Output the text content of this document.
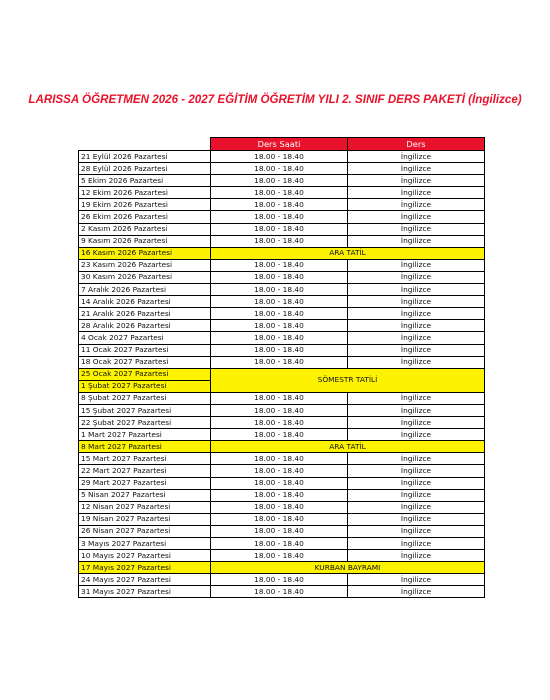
LARISSA ÖĞRETMEN 2026 - 2027 EĞİTİM ÖĞRETİM YILI 2. SINIF DERS PAKETİ (İngilizce)
	Ders Saati	Ders
21 Eylül 2026 Pazartesi	18.00 - 18.40	İngilizce
28 Eylül 2026 Pazartesi	18.00 - 18.40	İngilizce
5 Ekim 2026 Pazartesi	18.00 - 18.40	İngilizce
12 Ekim 2026 Pazartesi	18.00 - 18.40	İngilizce
19 Ekim 2026 Pazartesi	18.00 - 18.40	İngilizce
26 Ekim 2026 Pazartesi	18.00 - 18.40	İngilizce
2 Kasım 2026 Pazartesi	18.00 - 18.40	İngilizce
9 Kasım 2026 Pazartesi	18.00 - 18.40	İngilizce
16 Kasım 2026 Pazartesi	ARA TATİL	
23 Kasım 2026 Pazartesi	18.00 - 18.40	İngilizce
30 Kasım 2026 Pazartesi	18.00 - 18.40	İngilizce
7 Aralık 2026 Pazartesi	18.00 - 18.40	İngilizce
14 Aralık 2026 Pazartesi	18.00 - 18.40	İngilizce
21 Aralık 2026 Pazartesi	18.00 - 18.40	İngilizce
28 Aralık 2026 Pazartesi	18.00 - 18.40	İngilizce
4 Ocak 2027 Pazartesi	18.00 - 18.40	İngilizce
11 Ocak 2027 Pazartesi	18.00 - 18.40	İngilizce
18 Ocak 2027 Pazartesi	18.00 - 18.40	İngilizce
25 Ocak 2027 Pazartesi	SÖMESTR TATİLİ	
1 Şubat 2027 Pazartesi		
8 Şubat 2027 Pazartesi	18.00 - 18.40	İngilizce
15 Şubat 2027 Pazartesi	18.00 - 18.40	İngilizce
22 Şubat 2027 Pazartesi	18.00 - 18.40	İngilizce
1 Mart 2027 Pazartesi	18.00 - 18.40	İngilizce
8 Mart 2027 Pazartesi	ARA TATİL	
15 Mart 2027 Pazartesi	18.00 - 18.40	İngilizce
22 Mart 2027 Pazartesi	18.00 - 18.40	İngilizce
29 Mart 2027 Pazartesi	18.00 - 18.40	İngilizce
5 Nisan 2027 Pazartesi	18.00 - 18.40	İngilizce
12 Nisan 2027 Pazartesi	18.00 - 18.40	İngilizce
19 Nisan 2027 Pazartesi	18.00 - 18.40	İngilizce
26 Nisan 2027 Pazartesi	18.00 - 18.40	İngilizce
3 Mayıs 2027 Pazartesi	18.00 - 18.40	İngilizce
10 Mayıs 2027 Pazartesi	18.00 - 18.40	İngilizce
17 Mayıs 2027 Pazartesi	KURBAN BAYRAMI	
24 Mayıs 2027 Pazartesi	18.00 - 18.40	İngilizce
31 Mayıs 2027 Pazartesi	18.00 - 18.40	İngilizce
